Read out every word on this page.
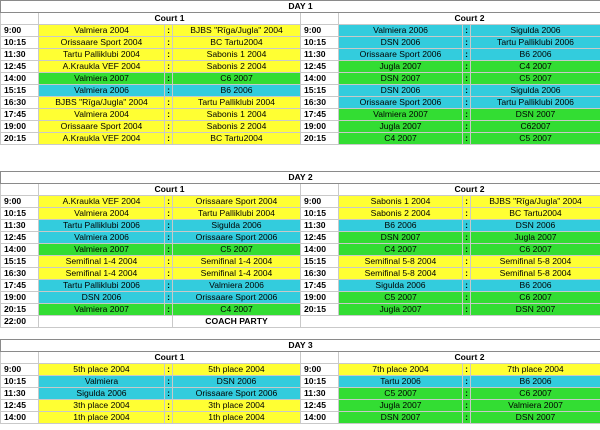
DAY 1							
	Court 1				Court 2		
9:00	Valmiera 2004	:	BJBS "Rīga/Jugla" 2004	9:00	Valmiera 2006	:	Sigulda 2006
10:15	Orissaare Sport 2004	:	BC Tartu2004	10:15	DSN 2006	:	Tartu Palliklubi 2006
11:30	Tartu Palliklubi 2004	:	Sabonis 1 2004	11:30	Orissaare Sport 2006	:	B6 2006
12:45	A.Krauklа VEF 2004	:	Sabonis 2 2004	12:45	Jugla 2007	:	C4 2007
14:00	Valmiera 2007	:	C6 2007	14:00	DSN 2007	:	C5 2007
15:15	Valmiera 2006	:	B6 2006	15:15	DSN 2006	:	Sigulda 2006
16:30	BJBS "Rīga/Jugla" 2004	:	Tartu Palliklubi 2004	16:30	Orissaare Sport 2006	:	Tartu Palliklubi 2006
17:45	Valmiera 2004	:	Sabonis 1 2004	17:45	Valmiera 2007	:	DSN 2007
19:00	Orissaare Sport 2004	:	Sabonis 2 2004	19:00	Jugla 2007	:	C62007
20:15	A.Krauklа VEF 2004	:	BC Tartu2004	20:15	C4 2007	:	C5 2007
DAY 2							
	Court 1				Court 2		
9:00	A.Krauklа VEF 2004	:	Orissaare Sport 2004	9:00	Sabonis 1 2004	:	BJBS "Rīga/Jugla" 2004
10:15	Valmiera 2004	:	Tartu Palliklubi 2004	10:15	Sabonis 2 2004	:	BC Tartu2004
11:30	Tartu Palliklubi 2006	:	Sigulda 2006	11:30	B6 2006	:	DSN 2006
12:45	Valmiera 2006	:	Orissaare Sport 2006	12:45	DSN 2007	:	Jugla 2007
14:00	Valmiera 2007	:	C5 2007	14:00	C4 2007	:	C6 2007
15:15	Semifinal 1-4 2004	:	Semifinal 1-4 2004	15:15	Semifinal 5-8 2004	:	Semifinal 5-8 2004
16:30	Semifinal 1-4 2004	:	Semifinal 1-4 2004	16:30	Semifinal 5-8 2004	:	Semifinal 5-8 2004
17:45	Tartu Palliklubi 2006	:	Valmiera 2006	17:45	Sigulda 2006	:	B6 2006
19:00	DSN 2006	:	Orissaare Sport 2006	19:00	C5 2007	:	C6 2007
20:15	Valmiera 2007	:	C4 2007	20:15	Jugla 2007	:	DSN 2007
22:00			COACH PARTY				
DAY 3							
	Court 1				Court 2		
9:00	5th place 2004	:	5th place 2004	9:00	7th place 2004	:	7th place 2004
10:15	Valmiera	:	DSN 2006	10:15	Tartu 2006	:	B6 2006
11:30	Sigulda 2006	:	Orissaare Sport 2006	11:30	C5 2007	:	C6 2007
12:45	3th place 2004	:	3th place 2004	12:45	Jugla 2007	:	Valmiera 2007
14:00	1th place 2004	:	1th place 2004	14:00	DSN 2007	:	DSN 2007
